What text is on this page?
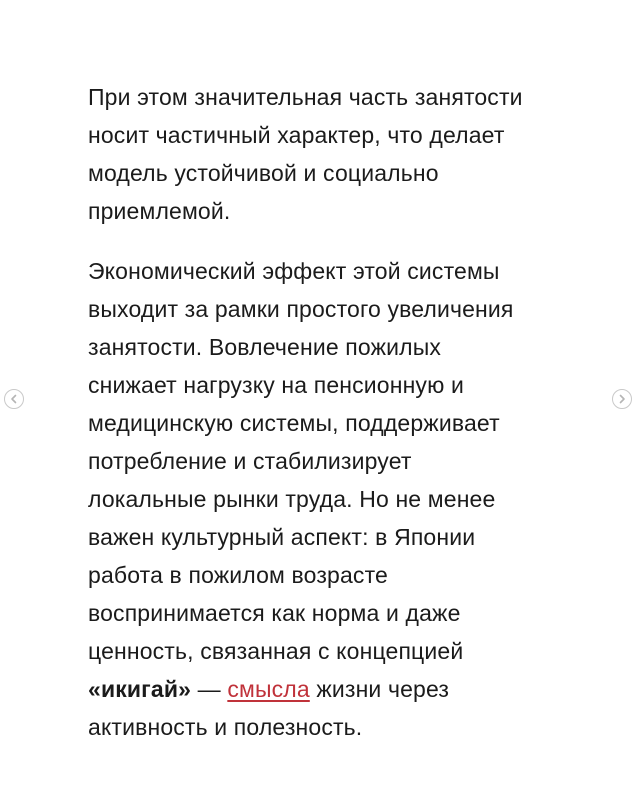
При этом значительная часть занятости
носит частичный характер, что делает
модель устойчивой и социально
приемлемой.

Экономический эффект этой системы
выходит за рамки простого увеличения
занятости. Вовлечение пожилых
снижает нагрузку на пенсионную и
медицинскую системы, поддерживает
потребление и стабилизирует
локальные рынки труда. Но не менее
важен культурный аспект: в Японии
работа в пожилом возрасте
воспринимается как норма и даже
ценность, связанная с концепцией
«икигай» — смысла жизни через
активность и полезность.
